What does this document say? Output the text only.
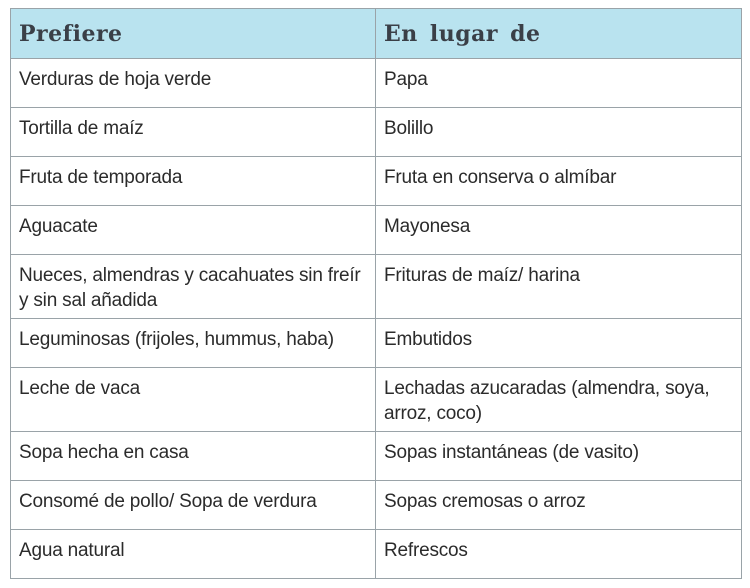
Prefiere	En lugar de
Verduras de hoja verde	Papa
Tortilla de maíz	Bolillo
Fruta de temporada	Fruta en conserva o almíbar
Aguacate	Mayonesa
Nueces, almendras y cacahuates sin freír y sin sal añadida	Frituras de maíz/ harina
Leguminosas (frijoles, hummus, haba)	Embutidos
Leche de vaca	Lechadas azucaradas (almendra, soya, arroz, coco)
Sopa hecha en casa	Sopas instantáneas (de vasito)
Consomé de pollo/ Sopa de verdura	Sopas cremosas o arroz
Agua natural	Refrescos
